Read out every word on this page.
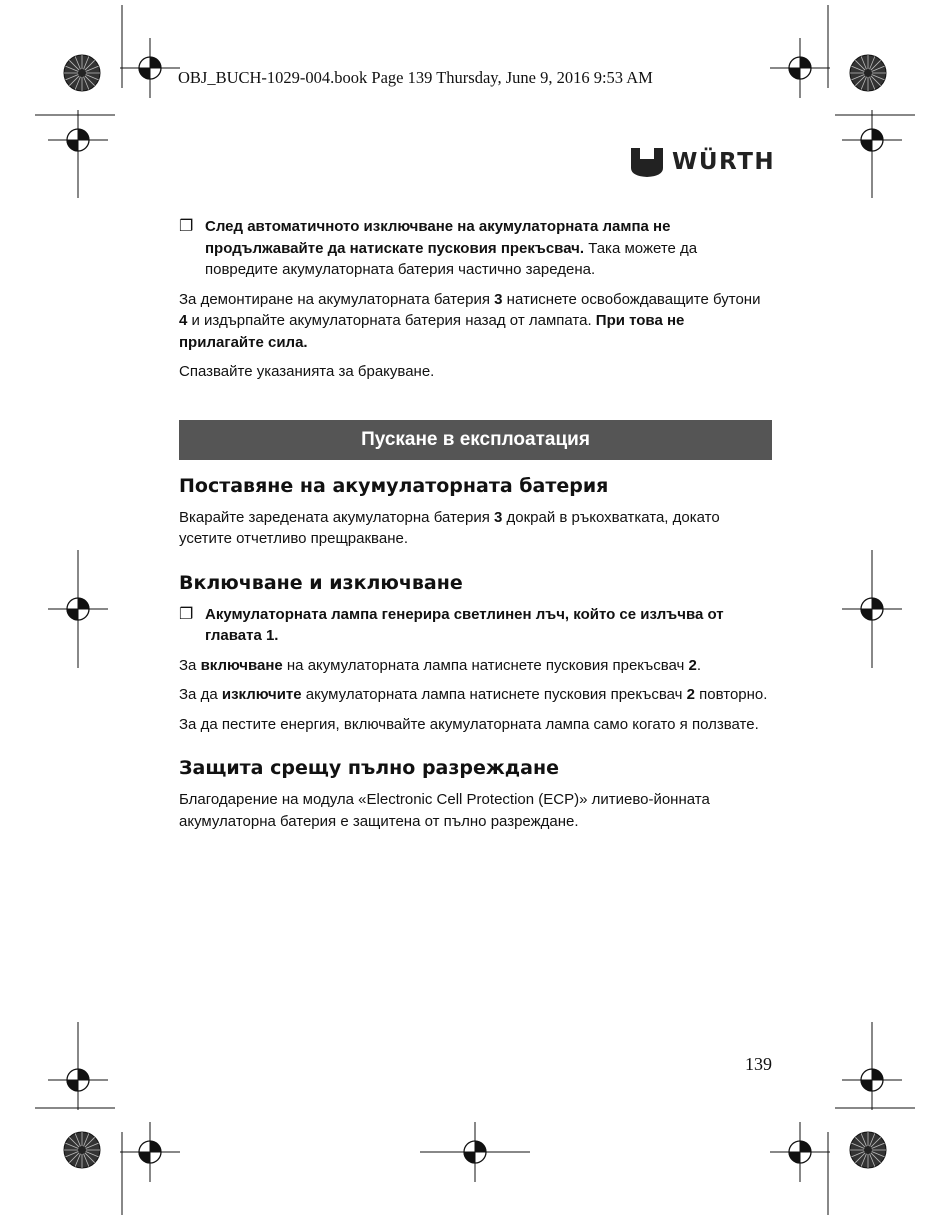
OBJ_BUCH-1029-004.book Page 139 Thursday, June 9, 2016 9:53 AM
WÜRTH
❐ След автоматичното изключване на акумулаторната лампа не продължавайте да натискате пусковия прекъсвач. Така можете да повредите акумулаторната батерия частично заредена.

За демонтиране на акумулаторната батерия 3 натиснете освобождаващите бутони 4 и издърпайте акумулаторната батерия назад от лампата. При това не прилагайте сила.

Спазвайте указанията за бракуване.

Пускане в експлоатация
Поставяне на акумулаторната батерия

Вкарайте заредената акумулаторна батерия 3 докрай в ръкохватката, докато усетите отчетливо прещракване.

Включване и изключване
❐ Акумулаторната лампа генерира светлинен лъч, който се излъчва от главата 1.

За включване на акумулаторната лампа натиснете пусковия прекъсвач 2.

За да изключите акумулаторната лампа натиснете пусковия прекъсвач 2 повторно.

За да пестите енергия, включвайте акумулаторната лампа само когато я ползвате.

Защита срещу пълно разреждане

Благодарение на модула «Electronic Cell Protection (ECP)» литиево-йонната акумулаторна батерия е защитена от пълно разреждане.

139
